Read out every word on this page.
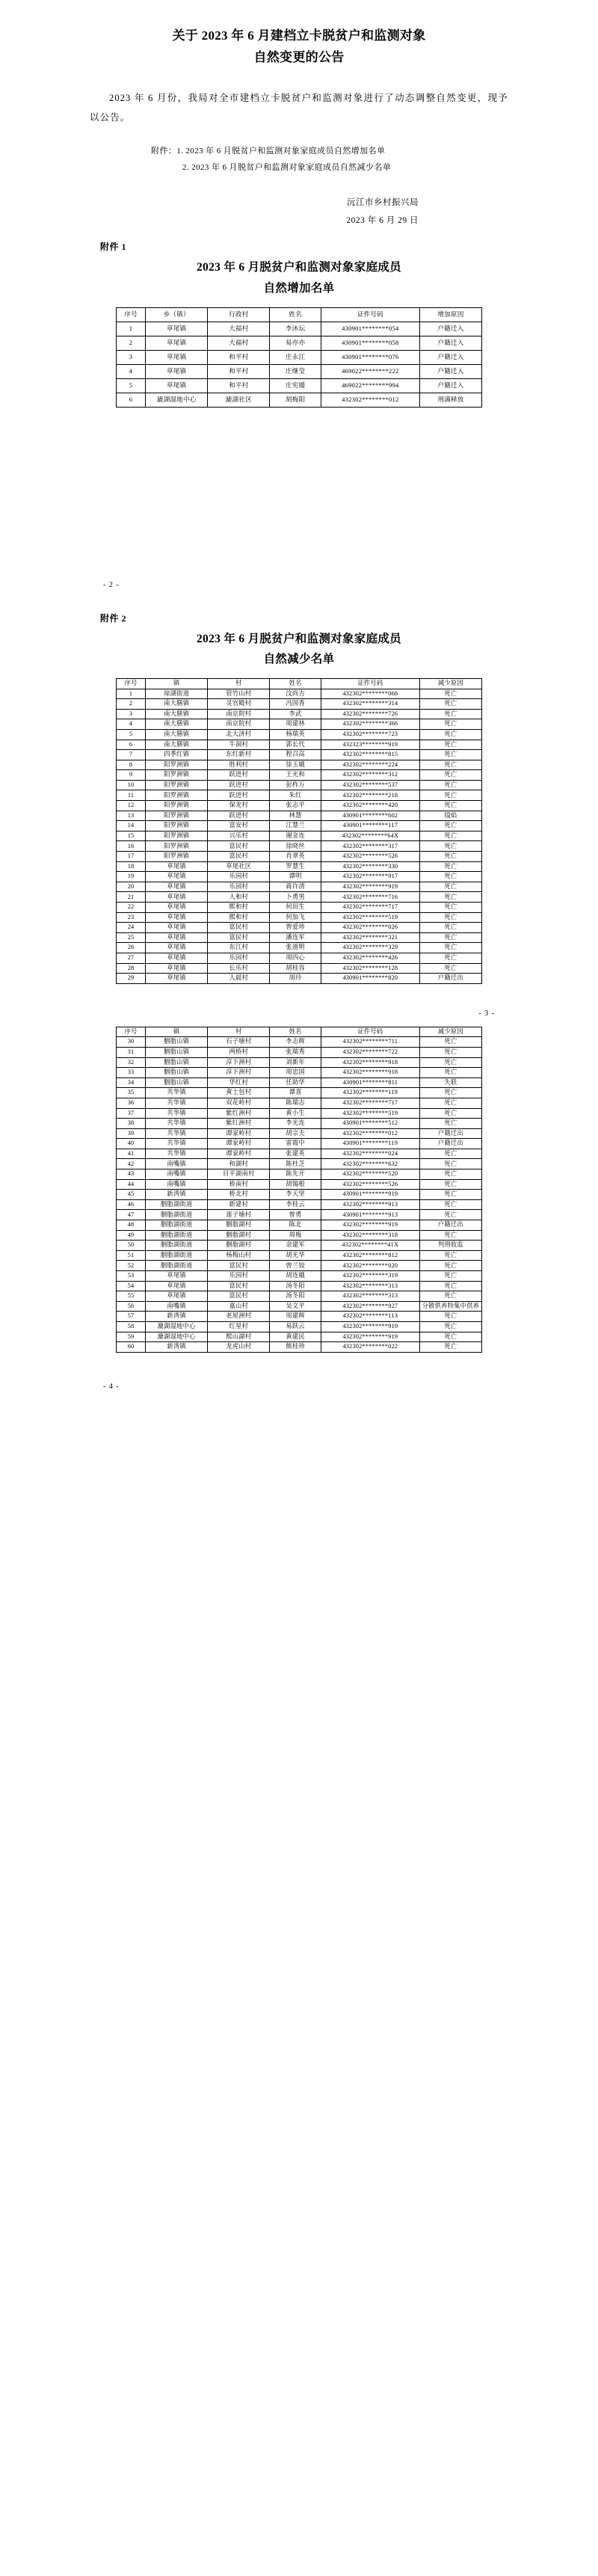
关于 2023 年 6 月建档立卡脱贫户和监测对象
自然变更的公告
2023 年 6 月份，我局对全市建档立卡脱贫户和监测对象进行了动态调整自然变更，现予以公告。
附件：1. 2023 年 6 月脱贫户和监测对象家庭成员自然增加名单
2. 2023 年 6 月脱贫户和监测对象家庭成员自然减少名单
沅江市乡村振兴局
2023 年 6 月 29 日
附件 1
2023 年 6 月脱贫户和监测对象家庭成员
自然增加名单
序号	乡（镇）	行政村	姓名	证件号码	增加原因
1	草尾镇	大福村	李沐坛	430901********054	户籍迁入
2	草尾镇	大福村	易亦亦	430901********058	户籍迁入
3	草尾镇	和平村	庄永江	430901********076	户籍迁入
4	草尾镇	和平村	庄继莹	469022********222	户籍迁入
5	草尾镇	和平村	庄宪媛	469022********994	户籍迁入
6	漉湖湿地中心	漉湖社区	胡梅阳	432302********012	刑满释放
- 2 -
附件 2
2023 年 6 月脱贫户和监测对象家庭成员
自然减少名单
序号	镇	村	姓名	证件号码	减少原因
1	琼湖街道	管竹山村	汶尚吉	432302********068	死亡
2	南大膳镇	灵官殿村	冯国香	432302********314	死亡
3	南大膳镇	南京院村	李武	432302********726	死亡
4	南大膳镇	南京院村	周建林	432302********366	死亡
5	南大膳镇	北大济村	杨瑞英	432302********723	死亡
6	南大膳镇	牛洞村	郭长代	432323********919	死亡
7	四季红镇	东红新村	程召高	432302********815	死亡
8	阳罗洲镇	胜利村	徐玉娥	432302********224	死亡
9	阳罗洲镇	跃进村	王光和	432302********312	死亡
10	阳罗洲镇	跃进村	彭柞万	432302********537	死亡
11	阳罗洲镇	跃进村	朱红	432302********218	死亡
12	阳罗洲镇	保龙村	张志平	432302********420	死亡
13	阳罗洲镇	跃进村	林慧	430901********602	缢焰
14	阳罗洲镇	富安村	江慧兰	430901********117	死亡
15	阳罗洲镇	兴乐村	谢金连	432302********64X	死亡
16	阳罗洲镇	富民村	徐晓丝	432302********317	死亡
17	阳罗洲镇	富民村	肖翠英	432302********526	死亡
18	草尾镇	草尾社区	罗慧生	432302********330	死亡
19	草尾镇	乐园村	谭明	432302********917	死亡
20	草尾镇	乐园村	蒋许清	432302********919	死亡
21	草尾镇	人和村	卜勇男	432302********716	死亡
22	草尾镇	熙和村	何田生	432302********717	死亡
23	草尾镇	熙和村	何加飞	432302********519	死亡
24	草尾镇	富民村	曾爱珍	432302********026	死亡
25	草尾镇	富民村	潘连军	432302********321	死亡
26	草尾镇	东江村	张道明	432302********329	死亡
27	草尾镇	乐园村	周四心	432302********426	死亡
28	草尾镇	长乐村	胡桂容	432302********128	死亡
29	草尾镇	人晨村	胡玲	430901********820	户籍迁出
- 3 -
序号	镇	村	姓名	证件号码	减少原因
30	胭脂山镇	石子塘村	李志辉	432302********711	死亡
31	胭脂山镇	两桥村	张瑞秀	432302********722	死亡
32	胭脂山镇	淳下洲村	刘新年	432302********918	死亡
33	胭脂山镇	淳下洲村	周忠国	432302********918	死亡
34	胭脂山镇	华红村	任助华	430901********811	失联
35	共华镇	黄土包村	谭喜	432302********119	死亡
36	共华镇	双花岭村	陈瑞志	432302********717	死亡
37	共华镇	紫红洲村	黄小生	432302********519	死亡
38	共华镇	紫红洲村	李光连	430901********512	死亡
39	共华镇	谭家岭村	胡宗夫	432302********012	户籍迁出
40	共华镇	谭家岭村	雷霞中	430901********119	户籍迁出
41	共华镇	谭家岭村	张建英	432302********024	死亡
42	南嘴镇	和湖村	陈杜芝	432302********632	死亡
43	南嘴镇	目平湖南村	陈先开	432302********520	死亡
44	南嘴镇	桥南村	胡锡根	432302********526	死亡
45	新湾镇	桥北村	李天坚	430901********919	死亡
46	胭脂湖街道	新建村	李桂云	432302********913	死亡
47	胭脂湖街道	莲子塘村	曾勇	430901********913	死亡
48	胭脂湖街道	胭脂湖村	陈北	432302********919	户籍迁出
49	胭脂湖街道	胭脂湖村	周梅	432302********318	死亡
50	胭脂湖街道	胭脂湖村	余建军	432302********41X	判刑收监
51	胭脂湖街道	杨梅山村	胡光华	432302********812	死亡
52	胭脂湖街道	富民村	曾兰铰	432302********020	死亡
53	草尾镇	乐园村	胡连娥	432302********319	死亡
54	草尾镇	富民村	汤冬阳	432302********313	死亡
55	草尾镇	富民村	汤冬阳	432302********313	死亡
56	南嘴镇	嘉山村	吴文平	432302********927	分散供养特集中供养
57	新湾镇	老屋洲村	周建辉	432302********113	死亡
58	漉湖湿地中心	红星村	易跃云	432302********919	死亡
59	漉湖湿地中心	熙山湖村	黄建民	432302********919	死亡
60	新湾镇	龙虎山村	熊桂珍	432302********022	死亡
- 4 -
